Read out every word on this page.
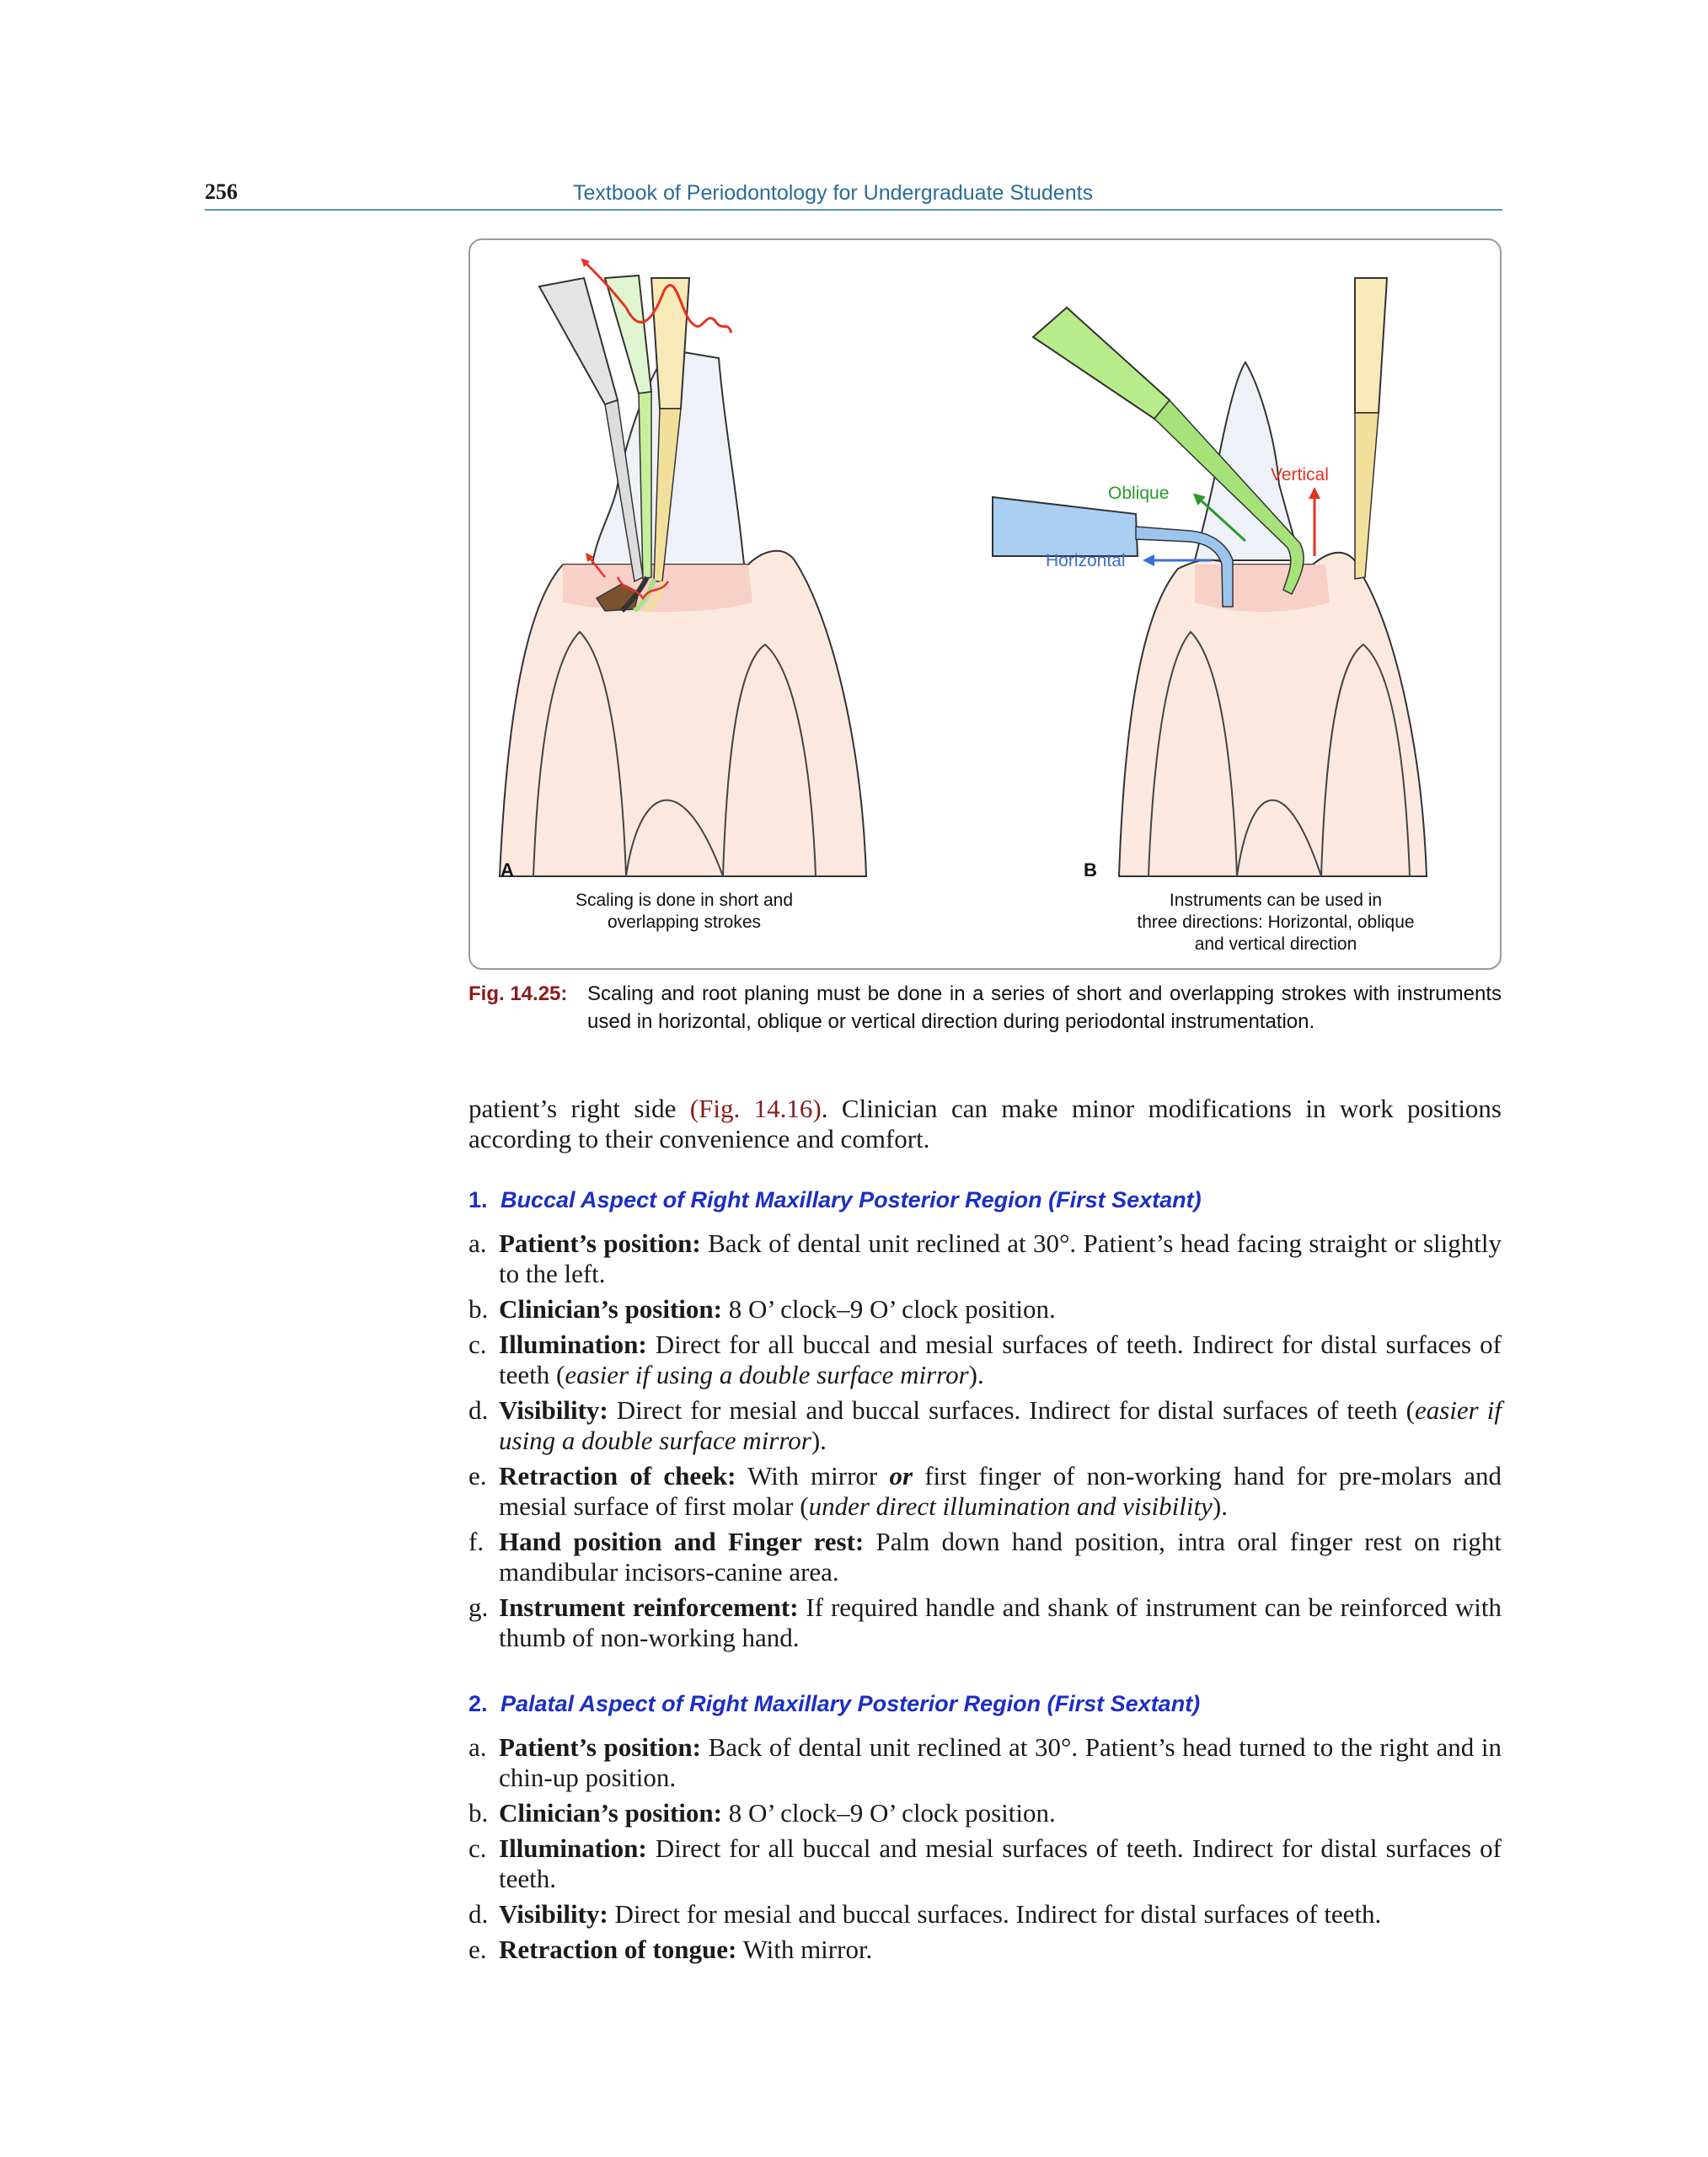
256	Textbook of Periodontology for Undergraduate Students
A
Scaling is done in short and
overlapping strokes
Oblique
Vertical
Horizontal
B
Instruments can be used in
three directions: Horizontal, oblique
and vertical direction
Fig. 14.25: Scaling and root planing must be done in a series of short and overlapping strokes with instruments used in horizontal, oblique or vertical direction during periodontal instrumentation.

patient’s right side (Fig. 14.16). Clinician can make minor modifications in work positions according to their convenience and comfort.

1. Buccal Aspect of Right Maxillary Posterior Region (First Sextant)
a. Patient’s position: Back of dental unit reclined at 30°. Patient’s head facing straight or slightly to the left.
b. Clinician’s position: 8 O’ clock–9 O’ clock position.
c. Illumination: Direct for all buccal and mesial surfaces of teeth. Indirect for distal surfaces of teeth (easier if using a double surface mirror).
d. Visibility: Direct for mesial and buccal surfaces. Indirect for distal surfaces of teeth (easier if using a double surface mirror).
e. Retraction of cheek: With mirror or first finger of non-working hand for pre-molars and mesial surface of first molar (under direct illumination and visibility).
f. Hand position and Finger rest: Palm down hand position, intra oral finger rest on right mandibular incisors-canine area.
g. Instrument reinforcement: If required handle and shank of instrument can be reinforced with thumb of non-working hand.
2. Palatal Aspect of Right Maxillary Posterior Region (First Sextant)
a. Patient’s position: Back of dental unit reclined at 30°. Patient’s head turned to the right and in chin-up position.
b. Clinician’s position: 8 O’ clock–9 O’ clock position.
c. Illumination: Direct for all buccal and mesial surfaces of teeth. Indirect for distal surfaces of teeth.
d. Visibility: Direct for mesial and buccal surfaces. Indirect for distal surfaces of teeth.
e. Retraction of tongue: With mirror.
